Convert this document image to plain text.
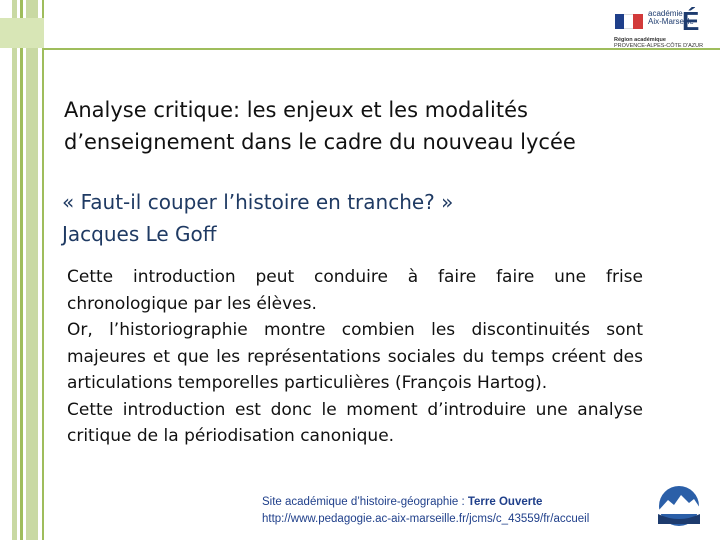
académie
Aix-Marseille
É
Région académique
PROVENCE-ALPES-CÔTE D'AZUR
Analyse critique: les enjeux et les modalités
d’enseignement dans le cadre du nouveau lycée
« Faut-il couper l’histoire en tranche? »
Jacques Le Goff

Cette introduction peut conduire à faire faire une frise chronologique par les élèves.

Or, l’historiographie montre combien les discontinuités sont majeures et que les représentations sociales du temps créent des articulations temporelles particulières (François Hartog).

Cette introduction est donc le moment d’introduire une analyse critique de la périodisation canonique.

Site académique d’histoire-géographie : Terre Ouverte
http://www.pedagogie.ac-aix-marseille.fr/jcms/c_43559/fr/accueil
